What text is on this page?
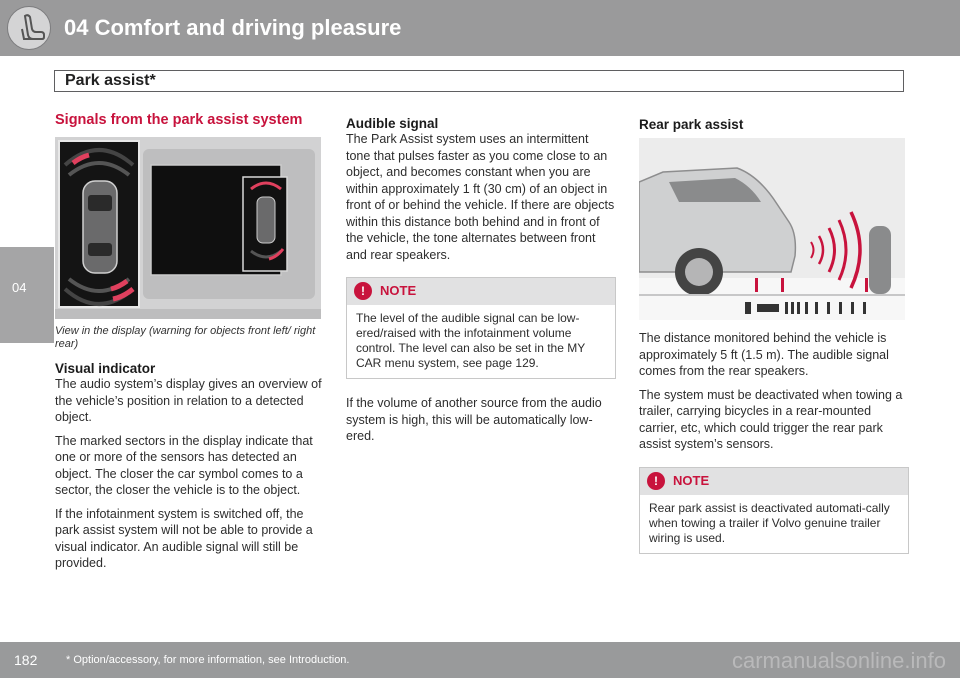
04 Comfort and driving pleasure
Park assist*
04
Signals from the park assist system
View in the display (warning for objects front left/ right rear)
Visual indicator

The audio system’s display gives an overview of the vehicle’s position in relation to a detected object.

The marked sectors in the display indicate that one or more of the sensors has detected an object. The closer the car symbol comes to a sector, the closer the vehicle is to the object.

If the infotainment system is switched off, the park assist system will not be able to provide a visual indicator. An audible signal will still be provided.

Audible signal

The Park Assist system uses an intermittent tone that pulses faster as you come close to an object, and becomes constant when you are within approximately 1 ft (30 cm) of an object in front of or behind the vehicle. If there are objects within this distance both behind and in front of the vehicle, the tone alternates between front and rear speakers.

!	NOTE
The level of the audible signal can be low-ered/raised with the infotainment volume control. The level can also be set in the MY CAR menu system, see page 129.

If the volume of another source from the audio system is high, this will be automatically low-ered.

Rear park assist

The distance monitored behind the vehicle is approximately 5 ft (1.5 m). The audible signal comes from the rear speakers.

The system must be deactivated when towing a trailer, carrying bicycles in a rear-mounted carrier, etc, which could trigger the rear park assist system’s sensors.

!	NOTE
Rear park assist is deactivated automati-cally when towing a trailer if Volvo genuine trailer wiring is used.
182	* Option/accessory, for more information, see Introduction.	carmanualsonline.info
